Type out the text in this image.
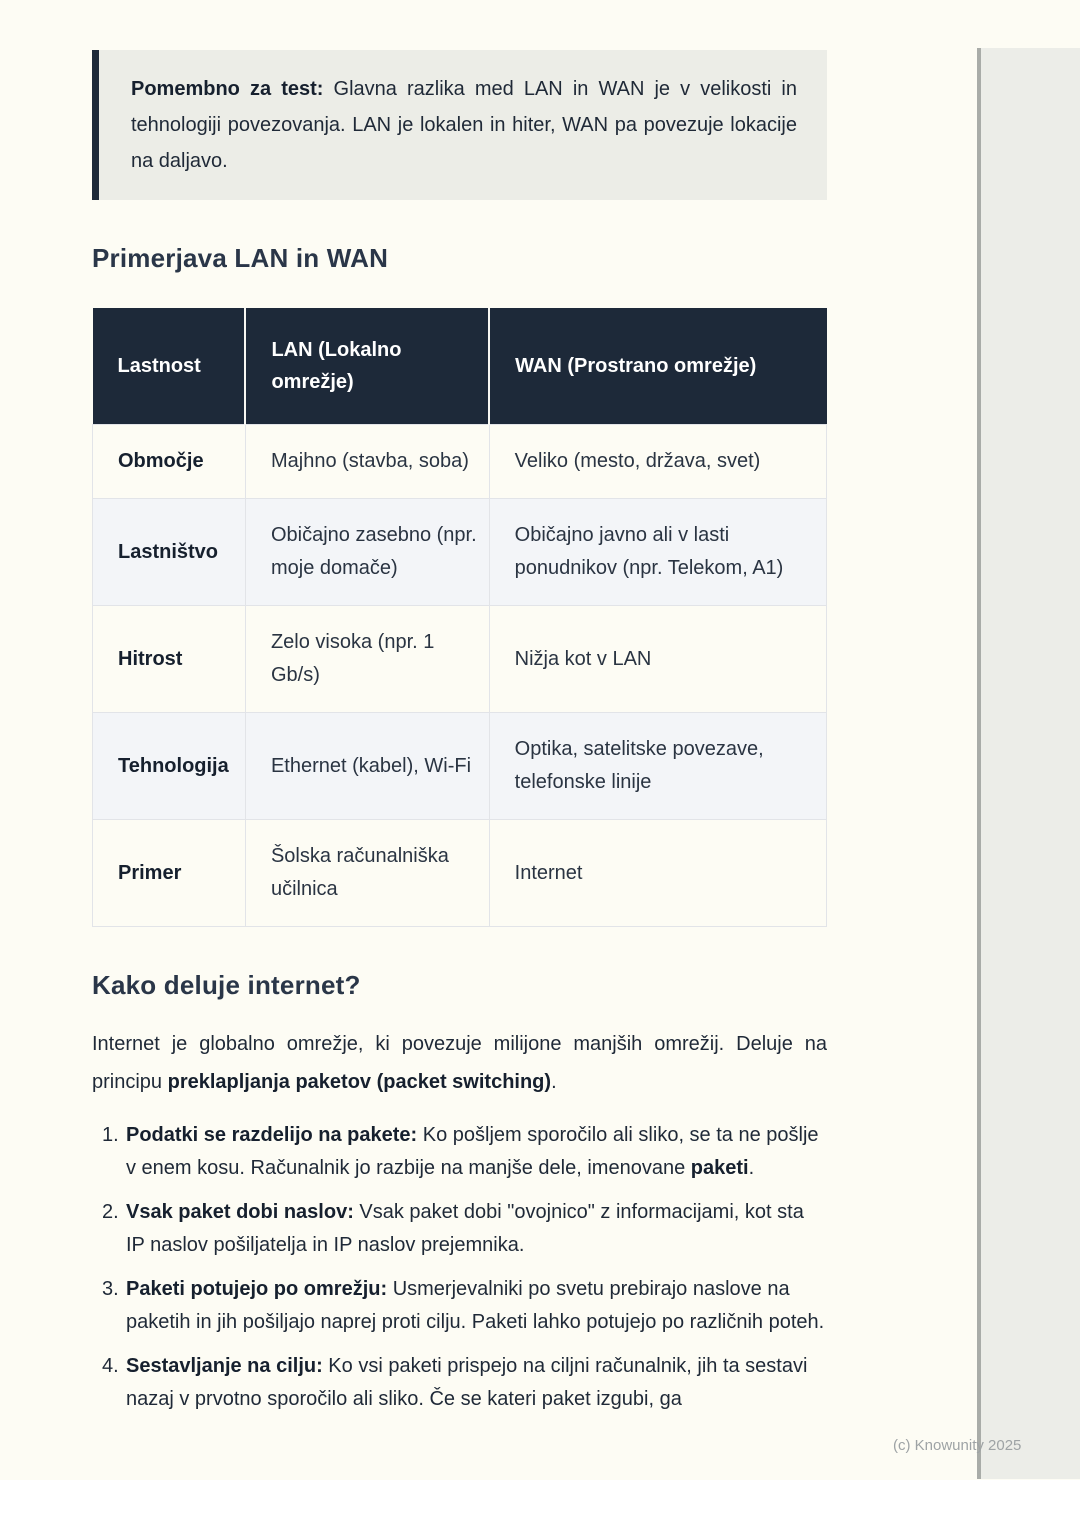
(c) Knowunity 2025
Pomembno za test: Glavna razlika med LAN in WAN je v velikosti in tehnologiji povezovanja. LAN je lokalen in hiter, WAN pa povezuje lokacije na daljavo.
Primerjava LAN in WAN
Lastnost	LAN (Lokalno omrežje)	WAN (Prostrano omrežje)
Območje	Majhno (stavba, soba)	Veliko (mesto, država, svet)
Lastništvo	Običajno zasebno (npr. moje domače)	Običajno javno ali v lasti ponudnikov (npr. Telekom, A1)
Hitrost	Zelo visoka (npr. 1 Gb/s)	Nižja kot v LAN
Tehnologija	Ethernet (kabel), Wi-Fi	Optika, satelitske povezave, telefonske linije
Primer	Šolska računalniška učilnica	Internet
Kako deluje internet?

Internet je globalno omrežje, ki povezuje milijone manjših omrežij. Deluje na principu preklapljanja paketov (packet switching).

1. Podatki se razdelijo na pakete: Ko pošljem sporočilo ali sliko, se ta ne pošlje v enem kosu. Računalnik jo razbije na manjše dele, imenovane paketi.
2. Vsak paket dobi naslov: Vsak paket dobi "ovojnico" z informacijami, kot sta IP naslov pošiljatelja in IP naslov prejemnika.
3. Paketi potujejo po omrežju: Usmerjevalniki po svetu prebirajo naslove na paketih in jih pošiljajo naprej proti cilju. Paketi lahko potujejo po različnih poteh.
4. Sestavljanje na cilju: Ko vsi paketi prispejo na ciljni računalnik, jih ta sestavi nazaj v prvotno sporočilo ali sliko. Če se kateri paket izgubi, ga
